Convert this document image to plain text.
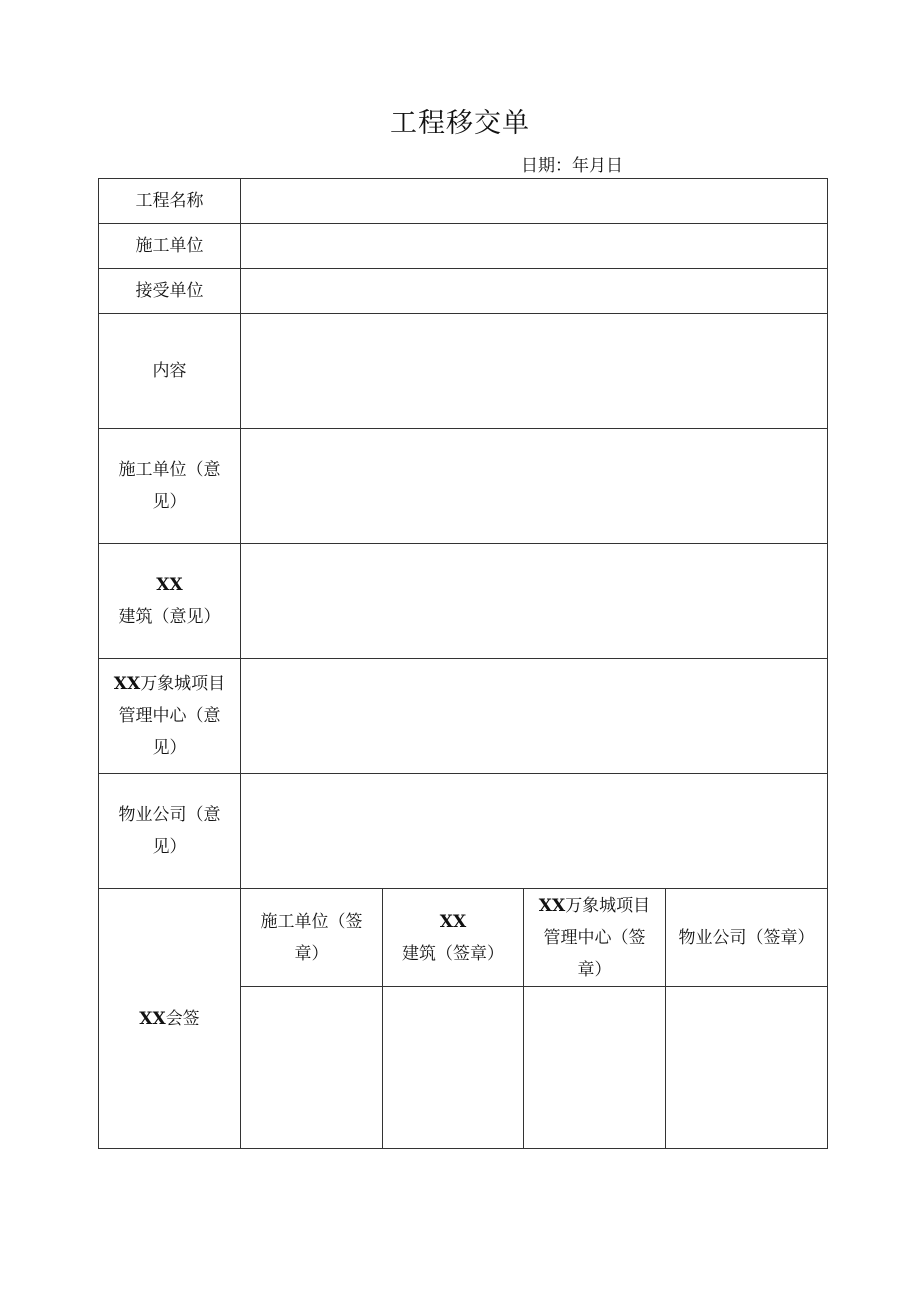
工程移交单
日期：年月日
工程名称				
施工单位				
接受单位				
内容				

施工单位（意见）				

XX建筑（意见）				
XX万象城项目管理中心（意见）				

物业公司（意见）				

XX会签	施工单位（签章）	XX建筑（签章）	XX万象城项目管理中心（签章）	物业公司（签章）
